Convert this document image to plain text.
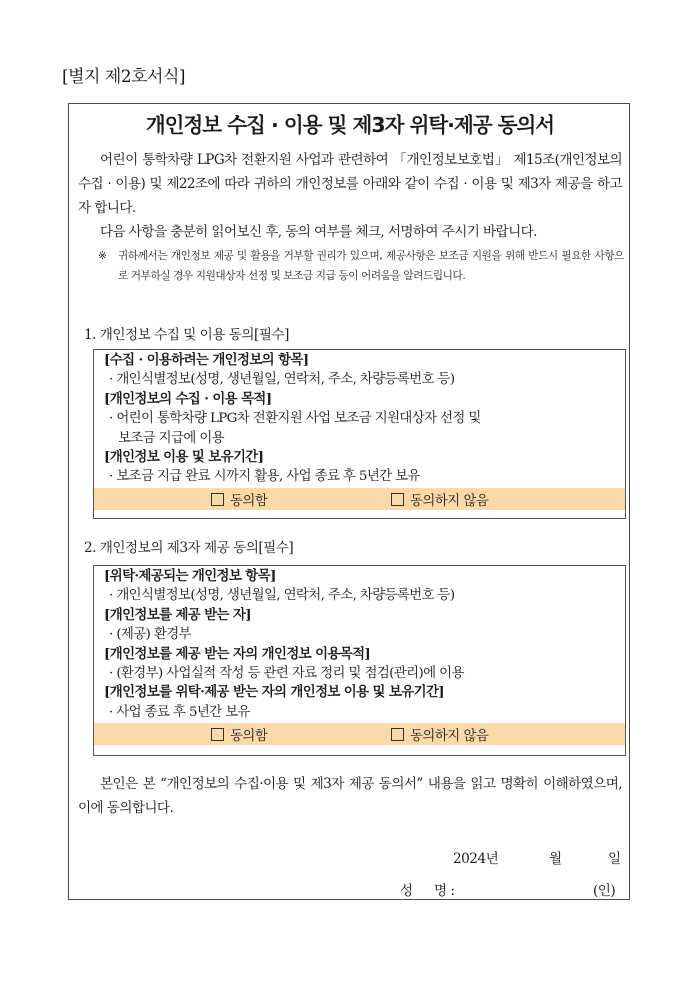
[별지 제2호서식]
개인정보 수집 · 이용 및 제3자 위탁·제공 동의서
어린이 통학차량 LPG차 전환지원 사업과 관련하여 「개인정보보호법」 제15조(개인정보의 수집 · 이용) 및 제22조에 따라 귀하의 개인정보를 아래와 같이 수집 · 이용 및 제3자 제공을 하고자 합니다.
다음 사항을 충분히 읽어보신 후, 동의 여부를 체크, 서명하여 주시기 바랍니다.
※ 귀하께서는 개인정보 제공 및 활용을 거부할 권리가 있으며, 제공사항은 보조금 지원을 위해 반드시 필요한 사항으로 거부하실 경우 지원대상자 선정 및 보조금 지급 등이 어려움을 알려드립니다.
1. 개인정보 수집 및 이용 동의[필수]
[수집 · 이용하려는 개인정보의 항목]
· 개인식별정보(성명, 생년월일, 연락처, 주소, 차량등록번호 등)
[개인정보의 수집 · 이용 목적]
· 어린이 통학차량 LPG차 전환지원 사업 보조금 지원대상자 선정 및
보조금 지급에 이용
[개인정보 이용 및 보유기간]
· 보조금 지급 완료 시까지 활용, 사업 종료 후 5년간 보유
동의함	동의하지 않음
2. 개인정보의 제3자 제공 동의[필수]
[위탁·제공되는 개인정보 항목]
· 개인식별정보(성명, 생년월일, 연락처, 주소, 차량등록번호 등)
[개인정보를 제공 받는 자]
· (제공) 환경부
[개인정보를 제공 받는 자의 개인정보 이용목적]
· (환경부) 사업실적 작성 등 관련 자료 정리 및 점검(관리)에 이용
[개인정보를 위탁·제공 받는 자의 개인정보 이용 및 보유기간]
· 사업 종료 후 5년간 보유
동의함	동의하지 않음
본인은 본 “개인정보의 수집·이용 및 제3자 제공 동의서” 내용을 읽고 명확히 이해하였으며, 이에 동의합니다.
2024년	월	일
성 명 :	(인)
